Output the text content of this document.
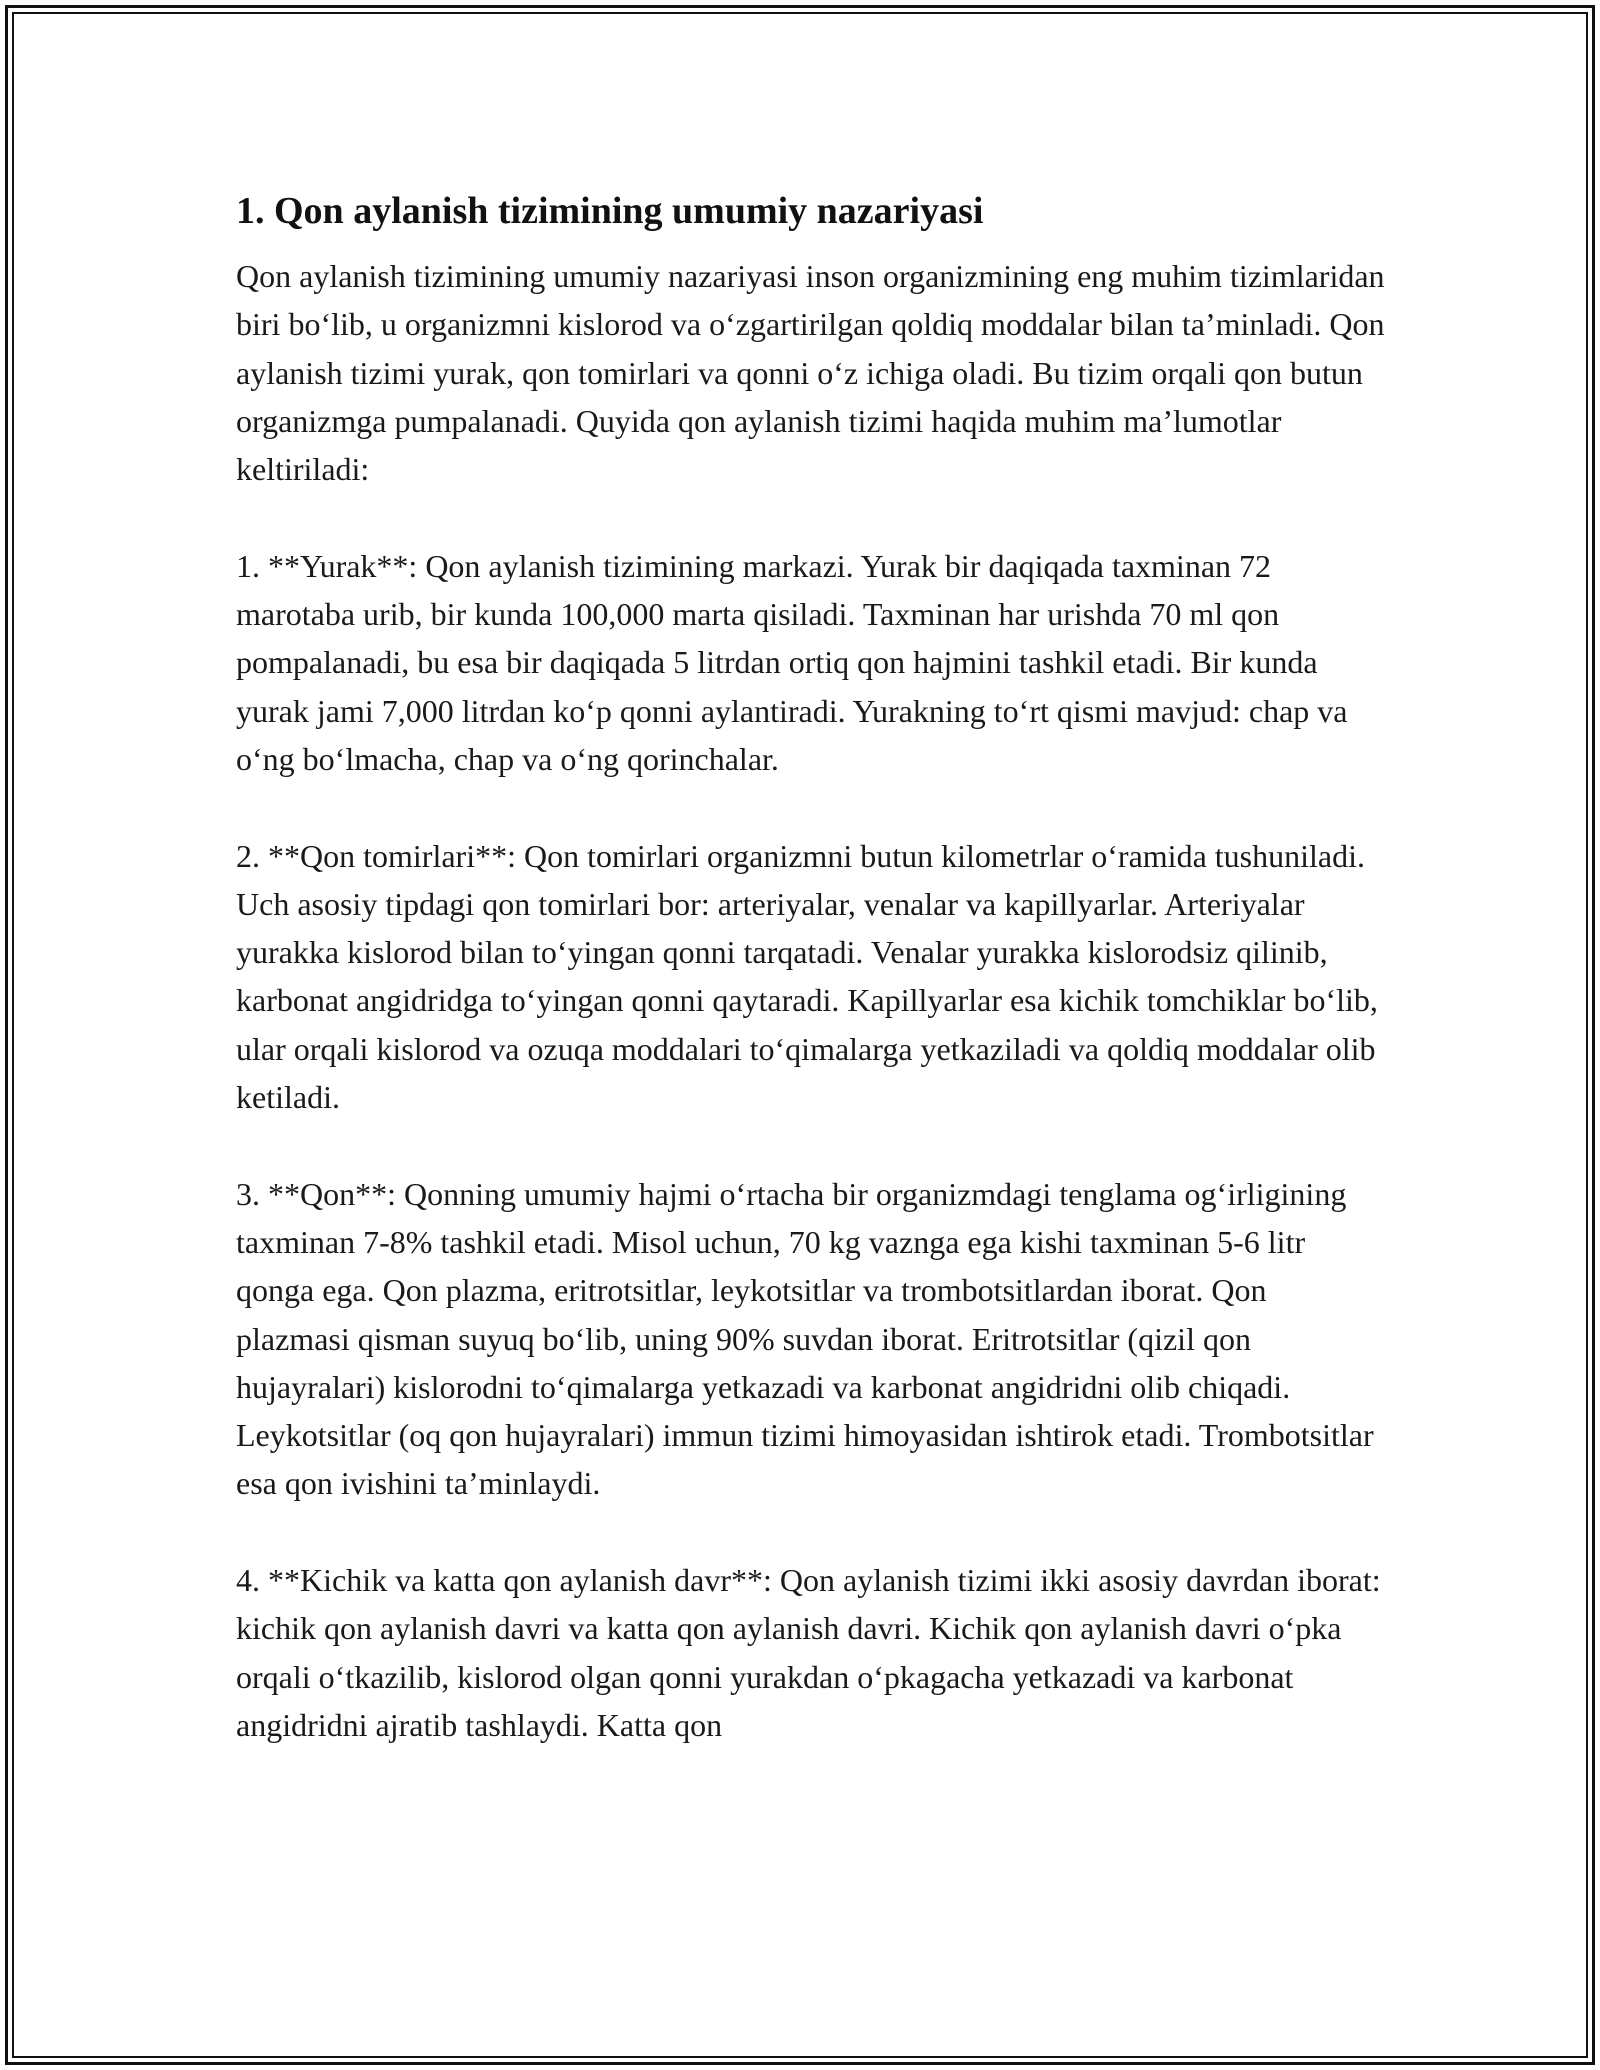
1. Qon aylanish tizimining umumiy nazariyasi

Qon aylanish tizimining umumiy nazariyasi inson organizmining eng muhim tizimlaridan biri bo‘lib, u organizmni kislorod va o‘zgartirilgan qoldiq moddalar bilan ta’minladi. Qon aylanish tizimi yurak, qon tomirlari va qonni o‘z ichiga oladi. Bu tizim orqali qon butun organizmga pumpalanadi. Quyida qon aylanish tizimi haqida muhim ma’lumotlar keltiriladi:

1. **Yurak**: Qon aylanish tizimining markazi. Yurak bir daqiqada taxminan 72 marotaba urib, bir kunda 100,000 marta qisiladi. Taxminan har urishda 70 ml qon pompalanadi, bu esa bir daqiqada 5 litrdan ortiq qon hajmini tashkil etadi. Bir kunda yurak jami 7,000 litrdan ko‘p qonni aylantiradi. Yurakning to‘rt qismi mavjud: chap va o‘ng bo‘lmacha, chap va o‘ng qorinchalar.

2. **Qon tomirlari**: Qon tomirlari organizmni butun kilometrlar o‘ramida tushuniladi. Uch asosiy tipdagi qon tomirlari bor: arteriyalar, venalar va kapillyarlar. Arteriyalar yurakka kislorod bilan to‘yingan qonni tarqatadi. Venalar yurakka kislorodsiz qilinib, karbonat angidridga to‘yingan qonni qaytaradi. Kapillyarlar esa kichik tomchiklar bo‘lib, ular orqali kislorod va ozuqa moddalari to‘qimalarga yetkaziladi va qoldiq moddalar olib ketiladi.

3. **Qon**: Qonning umumiy hajmi o‘rtacha bir organizmdagi tenglama og‘irligining taxminan 7-8% tashkil etadi. Misol uchun, 70 kg vaznga ega kishi taxminan 5-6 litr qonga ega. Qon plazma, eritrotsitlar, leykotsitlar va trombotsitlardan iborat. Qon plazmasi qisman suyuq bo‘lib, uning 90% suvdan iborat. Eritrotsitlar (qizil qon hujayralari) kislorodni to‘qimalarga yetkazadi va karbonat angidridni olib chiqadi. Leykotsitlar (oq qon hujayralari) immun tizimi himoyasidan ishtirok etadi. Trombotsitlar esa qon ivishini ta’minlaydi.

4. **Kichik va katta qon aylanish davr**: Qon aylanish tizimi ikki asosiy davrdan iborat: kichik qon aylanish davri va katta qon aylanish davri. Kichik qon aylanish davri o‘pka orqali o‘tkazilib, kislorod olgan qonni yurakdan o‘pkagacha yetkazadi va karbonat angidridni ajratib tashlaydi. Katta qon
